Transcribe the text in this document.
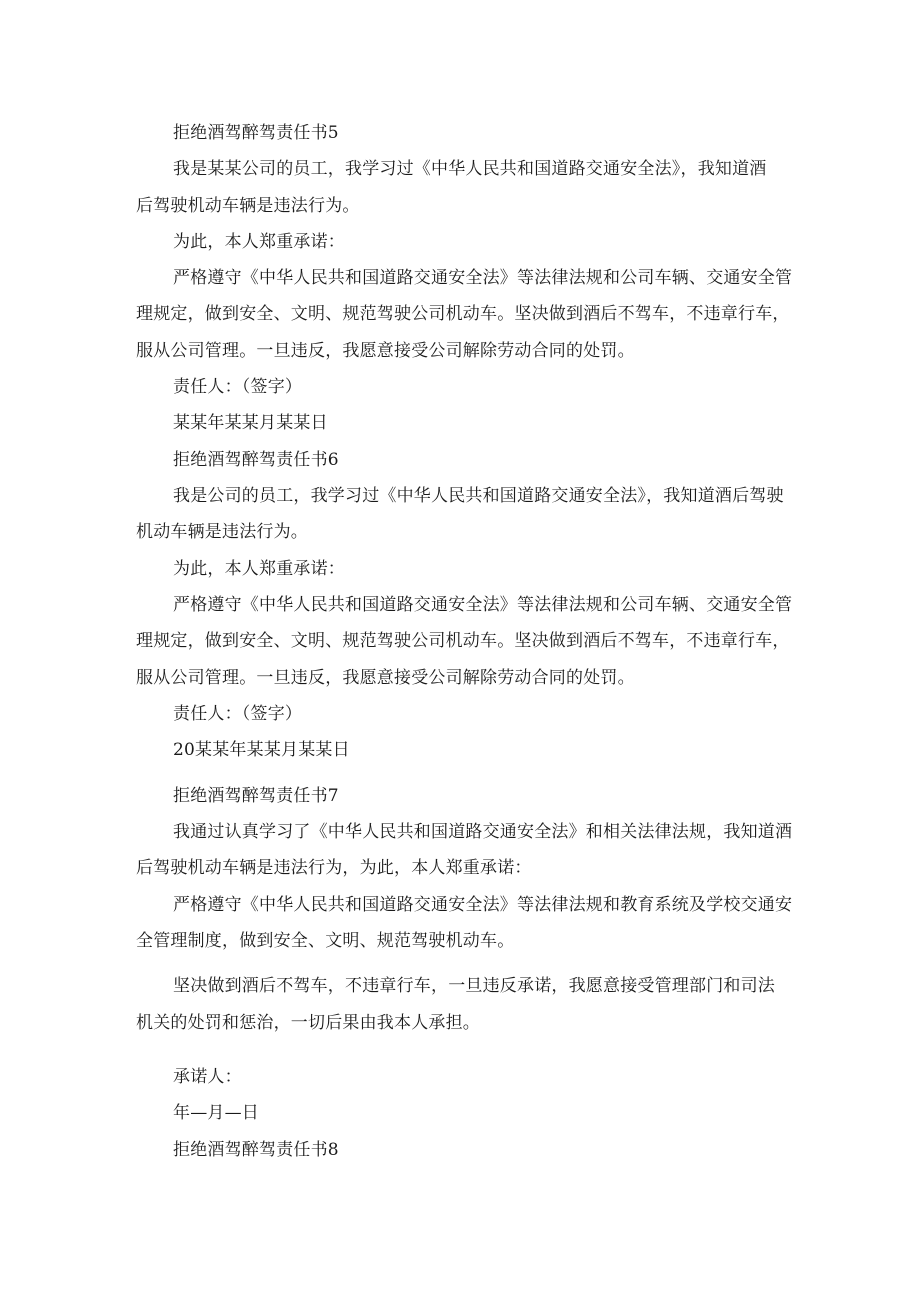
拒绝酒驾醉驾责任书5
我是某某公司的员工，我学习过《中华人民共和国道路交通安全法》，我知道酒
后驾驶机动车辆是违法行为。
为此，本人郑重承诺：
严格遵守《中华人民共和国道路交通安全法》等法律法规和公司车辆、交通安全管
理规定，做到安全、文明、规范驾驶公司机动车。坚决做到酒后不驾车，不违章行车，
服从公司管理。一旦违反，我愿意接受公司解除劳动合同的处罚。
责任人：（签字）
某某年某某月某某日
拒绝酒驾醉驾责任书6
我是公司的员工，我学习过《中华人民共和国道路交通安全法》，我知道酒后驾驶
机动车辆是违法行为。
为此，本人郑重承诺：
严格遵守《中华人民共和国道路交通安全法》等法律法规和公司车辆、交通安全管
理规定，做到安全、文明、规范驾驶公司机动车。坚决做到酒后不驾车，不违章行车，
服从公司管理。一旦违反，我愿意接受公司解除劳动合同的处罚。
责任人：（签字）
20某某年某某月某某日
拒绝酒驾醉驾责任书7
我通过认真学习了《中华人民共和国道路交通安全法》和相关法律法规，我知道酒
后驾驶机动车辆是违法行为，为此，本人郑重承诺：
严格遵守《中华人民共和国道路交通安全法》等法律法规和教育系统及学校交通安
全管理制度，做到安全、文明、规范驾驶机动车。
坚决做到酒后不驾车，不违章行车，一旦违反承诺，我愿意接受管理部门和司法
机关的处罚和惩治，一切后果由我本人承担。
承诺人：
年—月—日
拒绝酒驾醉驾责任书8
